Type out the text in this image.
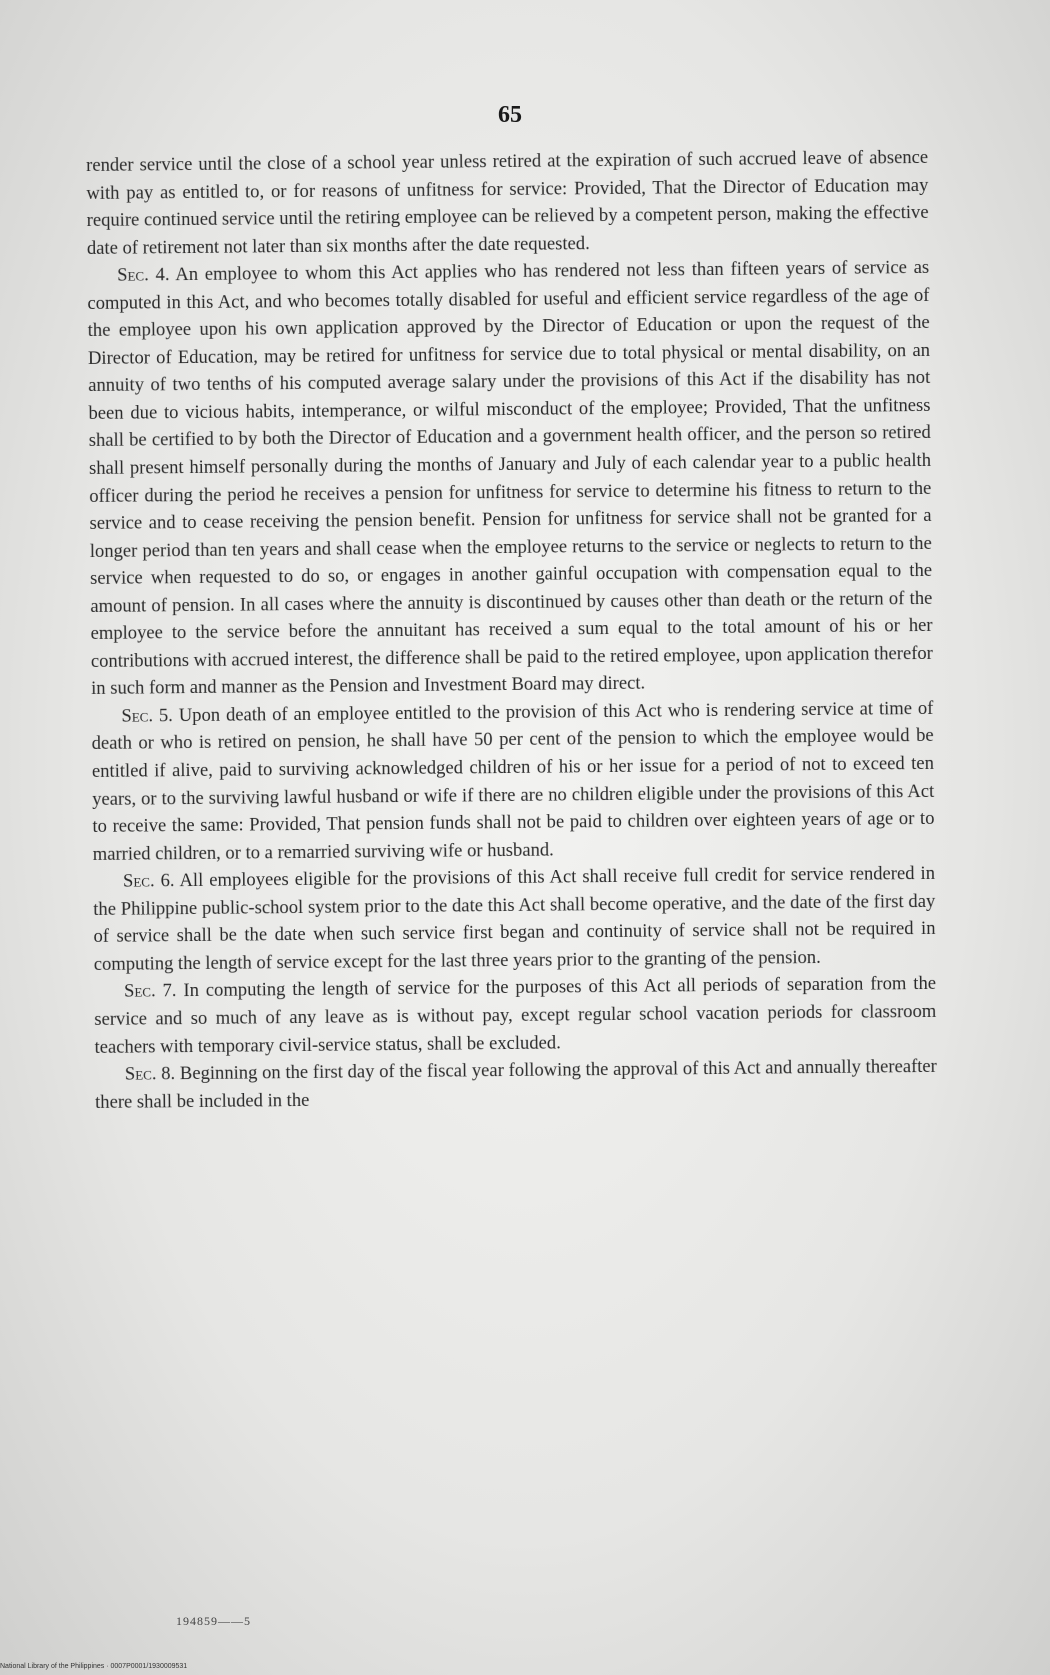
65

render service until the close of a school year unless retired at the expiration of such accrued leave of absence with pay as entitled to, or for reasons of unfitness for service: Provided, That the Director of Education may require continued service until the retiring employee can be relieved by a competent person, making the effective date of retirement not later than six months after the date requested.

Sec. 4. An employee to whom this Act applies who has rendered not less than fifteen years of service as computed in this Act, and who becomes totally disabled for useful and efficient service regardless of the age of the employee upon his own application approved by the Director of Education or upon the request of the Director of Education, may be retired for unfitness for service due to total physical or mental disability, on an annuity of two tenths of his computed average salary under the provisions of this Act if the disability has not been due to vicious habits, intemperance, or wilful misconduct of the employee; Provided, That the unfitness shall be certified to by both the Director of Education and a government health officer, and the person so retired shall present himself personally during the months of January and July of each calendar year to a public health officer during the period he receives a pension for unfitness for service to determine his fitness to return to the service and to cease receiving the pension benefit. Pension for unfitness for service shall not be granted for a longer period than ten years and shall cease when the employee returns to the service or neglects to return to the service when requested to do so, or engages in another gainful occupation with compensation equal to the amount of pension. In all cases where the annuity is discontinued by causes other than death or the return of the employee to the service before the annuitant has received a sum equal to the total amount of his or her contributions with accrued interest, the difference shall be paid to the retired employee, upon application therefor in such form and manner as the Pension and Investment Board may direct.

Sec. 5. Upon death of an employee entitled to the provision of this Act who is rendering service at time of death or who is retired on pension, he shall have 50 per cent of the pension to which the employee would be entitled if alive, paid to surviving acknowledged children of his or her issue for a period of not to exceed ten years, or to the surviving lawful husband or wife if there are no children eligible under the provisions of this Act to receive the same: Provided, That pension funds shall not be paid to children over eighteen years of age or to married children, or to a remarried surviving wife or husband.

Sec. 6. All employees eligible for the provisions of this Act shall receive full credit for service rendered in the Philippine public-school system prior to the date this Act shall become operative, and the date of the first day of service shall be the date when such service first began and continuity of service shall not be required in computing the length of service except for the last three years prior to the granting of the pension.

Sec. 7. In computing the length of service for the purposes of this Act all periods of separation from the service and so much of any leave as is without pay, except regular school vacation periods for classroom teachers with temporary civil-service status, shall be excluded.

Sec. 8. Beginning on the first day of the fiscal year following the approval of this Act and annually thereafter there shall be included in the

194859——5
National Library of the Philippines · 0007P0001/1930009531
